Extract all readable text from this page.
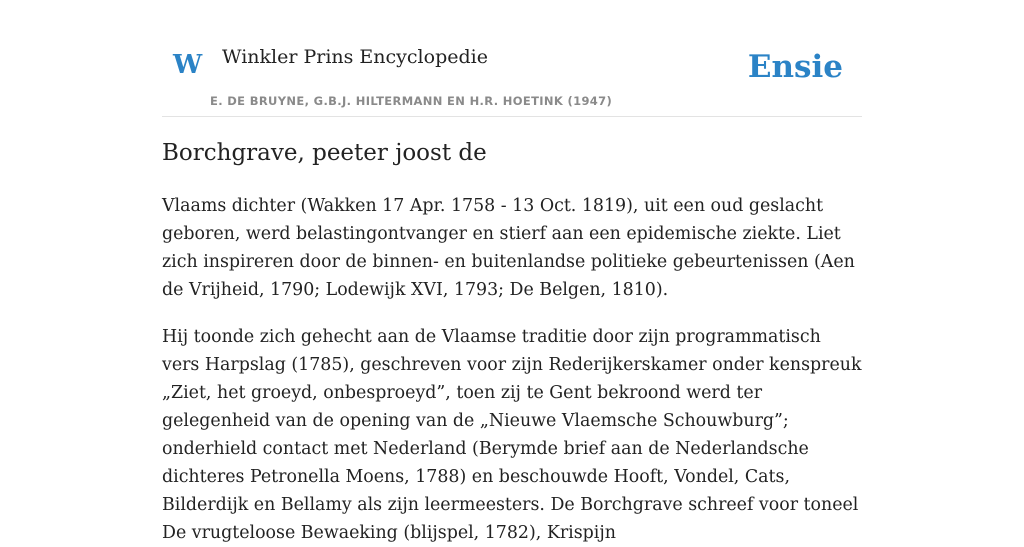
W Winkler Prins Encyclopedie
E. DE BRUYNE, G.B.J. HILTERMANN EN H.R. HOETINK (1947)
Ensie
Borchgrave, peeter joost de

Vlaams dichter (Wakken 17 Apr. 1758 - 13 Oct. 1819), uit een oud geslacht geboren, werd belastingontvanger en stierf aan een epidemische ziekte. Liet zich inspireren door de binnen- en buitenlandse politieke gebeurtenissen (Aen de Vrijheid, 1790; Lodewijk XVI, 1793; De Belgen, 1810).

Hij toonde zich gehecht aan de Vlaamse traditie door zijn programmatisch vers Harpslag (1785), geschreven voor zijn Rederijkerskamer onder kenspreuk „Ziet, het groeyd, onbesproeyd”, toen zij te Gent bekroond werd ter gelegenheid van de opening van de „Nieuwe Vlaemsche Schouwburg”; onderhield contact met Nederland (Berymde brief aan de Nederlandsche dichteres Petronella Moens, 1788) en beschouwde Hooft, Vondel, Cats, Bilderdijk en Bellamy als zijn leermeesters. De Borchgrave schreef voor toneel De vrugteloose Bewaeking (blijspel, 1782), Krispijn
